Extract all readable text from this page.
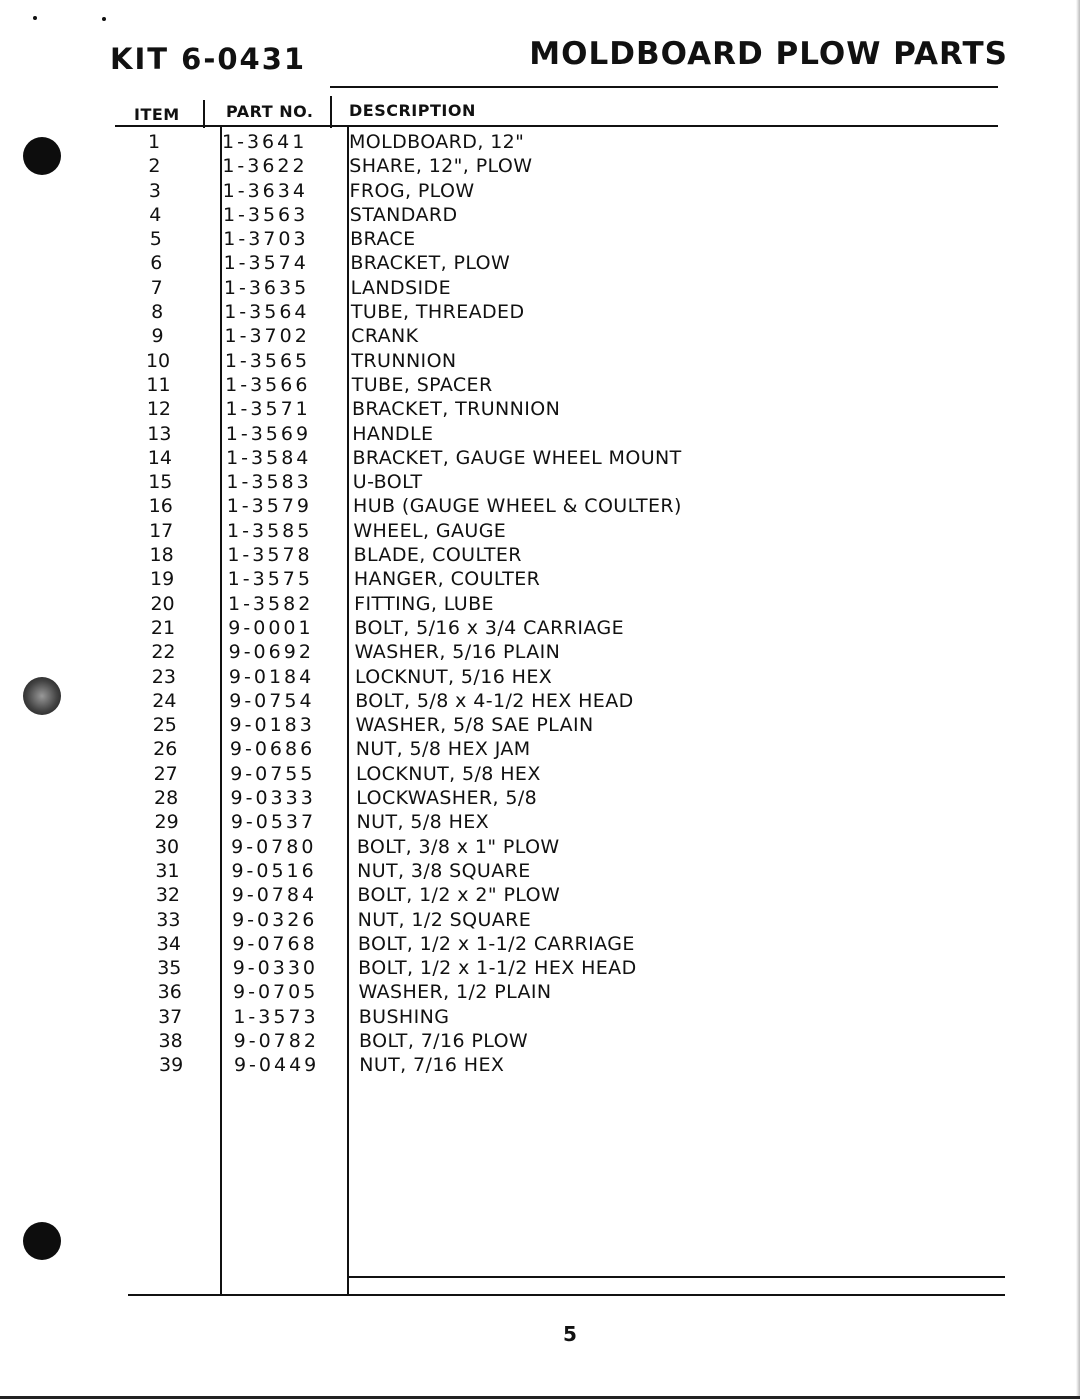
KIT 6-0431	MOLDBOARD PLOW PARTS
ITEM	PART NO. DESCRIPTION
1	1-3641 MOLDBOARD, 12"
2	1-3622 SHARE, 12", PLOW
3	1-3634 FROG, PLOW
4	1-3563 STANDARD
5	1-3703 BRACE
6	1-3574 BRACKET, PLOW
7	1-3635 LANDSIDE
8	1-3564 TUBE, THREADED
9	1-3702 CRANK
10	1-3565 TRUNNION
11	1-3566 TUBE, SPACER
12	1-3571 BRACKET, TRUNNION
13	1-3569 HANDLE
14	1-3584 BRACKET, GAUGE WHEEL MOUNT
15	1-3583 U-BOLT
16	1-3579 HUB (GAUGE WHEEL & COULTER)
17	1-3585 WHEEL, GAUGE
18	1-3578 BLADE, COULTER
19	1-3575 HANGER, COULTER
20	1-3582 FITTING, LUBE
21	9-0001 BOLT, 5/16 x 3/4 CARRIAGE
22	9-0692 WASHER, 5/16 PLAIN
23	9-0184 LOCKNUT, 5/16 HEX
24	9-0754 BOLT, 5/8 x 4-1/2 HEX HEAD
25	9-0183 WASHER, 5/8 SAE PLAIN
26	9-0686 NUT, 5/8 HEX JAM
27	9-0755 LOCKNUT, 5/8 HEX
28	9-0333 LOCKWASHER, 5/8
29	9-0537 NUT, 5/8 HEX
30	9-0780 BOLT, 3/8 x 1" PLOW
31	9-0516 NUT, 3/8 SQUARE
32	9-0784 BOLT, 1/2 x 2" PLOW
33	9-0326 NUT, 1/2 SQUARE
34	9-0768 BOLT, 1/2 x 1-1/2 CARRIAGE
35	9-0330 BOLT, 1/2 x 1-1/2 HEX HEAD
36	9-0705 WASHER, 1/2 PLAIN
37	1-3573 BUSHING
38	9-0782 BOLT, 7/16 PLOW
39	9-0449 NUT, 7/16 HEX
5
